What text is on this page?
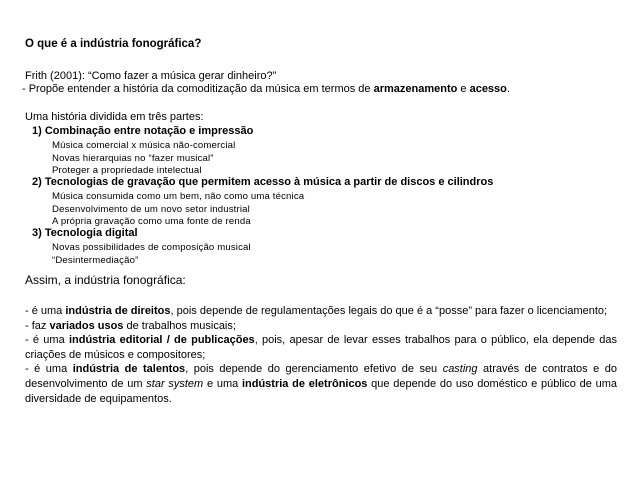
O que é a indústria fonográfica?
Frith (2001): “Como fazer a música gerar dinheiro?”
- Propõe entender a história da comoditização da música em termos de armazenamento e acesso.
Uma história dividida em três partes:
1) Combinação entre notação e impressão
Música comercial x música não-comercial
Novas hierarquias no “fazer musical”
Proteger a propriedade intelectual
2) Tecnologias de gravação que permitem acesso à música a partir de discos e cilindros
Música consumida como um bem, não como uma técnica
Desenvolvimento de um novo setor industrial
A própria gravação como uma fonte de renda
3) Tecnologia digital
Novas possibilidades de composição musical
“Desintermediação”
Assim, a indústria fonográfica:

- é uma indústria de direitos, pois depende de regulamentações legais do que é a “posse” para fazer o licenciamento;

- faz variados usos de trabalhos musicais;

- é uma indústria editorial / de publicações, pois, apesar de levar esses trabalhos para o público, ela depende das criações de músicos e compositores;

- é uma indústria de talentos, pois depende do gerenciamento efetivo de seu casting através de contratos e do desenvolvimento de um star system e uma indústria de eletrônicos que depende do uso doméstico e público de uma diversidade de equipamentos.
